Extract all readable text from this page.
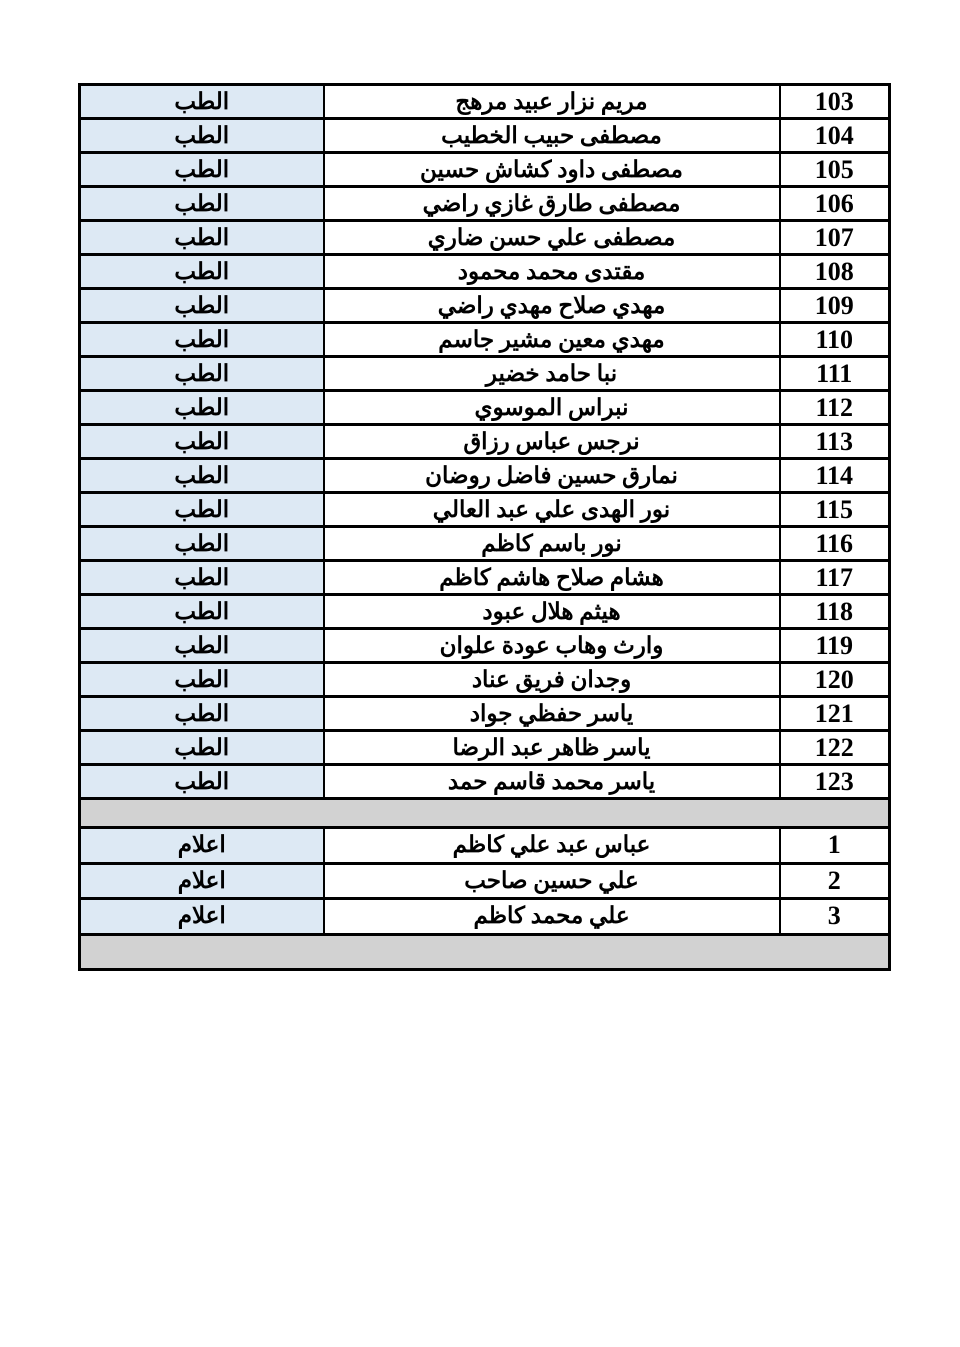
103	مريم نزار عبيد مرهج	الطب
104	مصطفى حبيب الخطيب	الطب
105	مصطفى داود كشاش حسين	الطب
106	مصطفى طارق غازي راضي	الطب
107	مصطفى علي حسن ضاري	الطب
108	مقتدى محمد محمود	الطب
109	مهدي صلاح مهدي راضي	الطب
110	مهدي معين مشير جاسم	الطب
111	نبا حامد خضير	الطب
112	نبراس الموسوي	الطب
113	نرجس عباس رزاق	الطب
114	نمارق حسين فاضل روضان	الطب
115	نور الهدى علي عبد العالي	الطب
116	نور باسم كاظم	الطب
117	هشام صلاح هاشم كاظم	الطب
118	هيثم هلال عبود	الطب
119	وارث وهاب عودة علوان	الطب
120	وجدان فريق عناد	الطب
121	ياسر حفظي جواد	الطب
122	ياسر ظاهر عبد الرضا	الطب
123	ياسر محمد قاسم حمد	الطب

1	عباس عبد علي كاظم	اعلام
2	علي حسين صاحب	اعلام
3	علي محمد كاظم	اعلام
